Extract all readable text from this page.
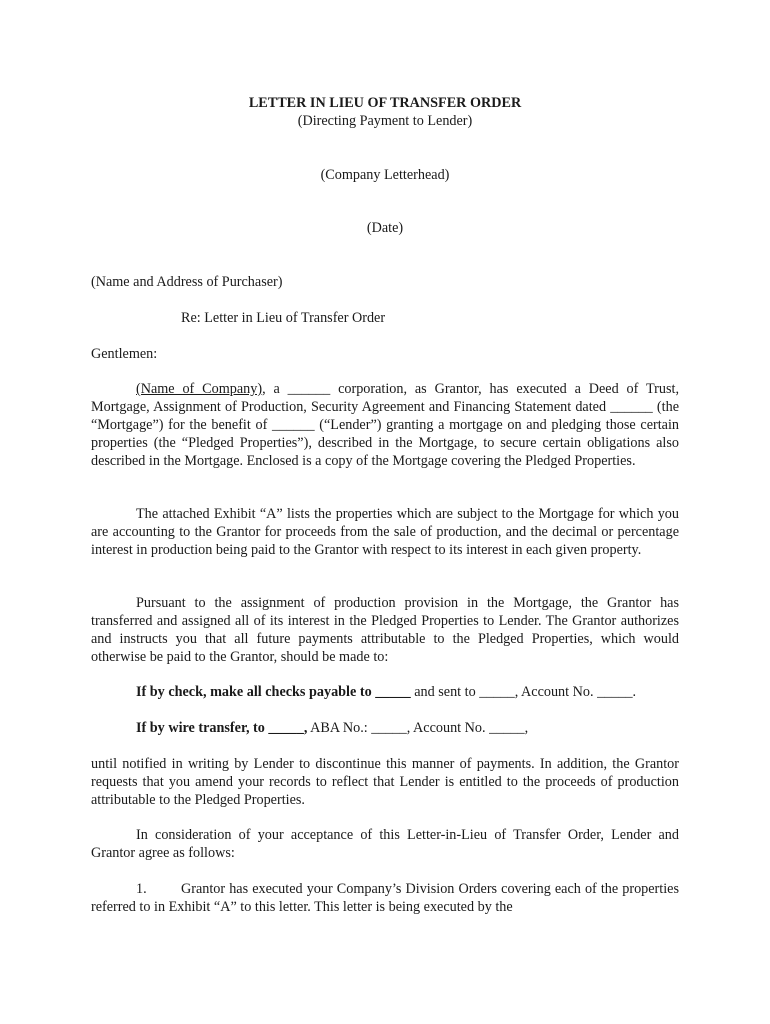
LETTER IN LIEU OF TRANSFER ORDER

(Directing Payment to Lender)

(Company Letterhead)

(Date)

(Name and Address of Purchaser)

Re: Letter in Lieu of Transfer Order

Gentlemen:

(Name of Company), a ______ corporation, as Grantor, has executed a Deed of Trust, Mortgage, Assignment of Production, Security Agreement and Financing Statement dated ______ (the “Mortgage”) for the benefit of ______ (“Lender”) granting a mortgage on and pledging those certain properties (the “Pledged Properties”), described in the Mortgage, to secure certain obligations also described in the Mortgage. Enclosed is a copy of the Mortgage covering the Pledged Properties.

The attached Exhibit “A” lists the properties which are subject to the Mortgage for which you are accounting to the Grantor for proceeds from the sale of production, and the decimal or percentage interest in production being paid to the Grantor with respect to its interest in each given property.

Pursuant to the assignment of production provision in the Mortgage, the Grantor has transferred and assigned all of its interest in the Pledged Properties to Lender. The Grantor authorizes and instructs you that all future payments attributable to the Pledged Properties, which would otherwise be paid to the Grantor, should be made to:

If by check, make all checks payable to _____ and sent to _____, Account No. _____.

If by wire transfer, to _____, ABA No.: _____, Account No. _____,

until notified in writing by Lender to discontinue this manner of payments. In addition, the Grantor requests that you amend your records to reflect that Lender is entitled to the proceeds of production attributable to the Pledged Properties.

In consideration of your acceptance of this Letter-in-Lieu of Transfer Order, Lender and Grantor agree as follows:

1. Grantor has executed your Company’s Division Orders covering each of the properties referred to in Exhibit “A” to this letter. This letter is being executed by the
